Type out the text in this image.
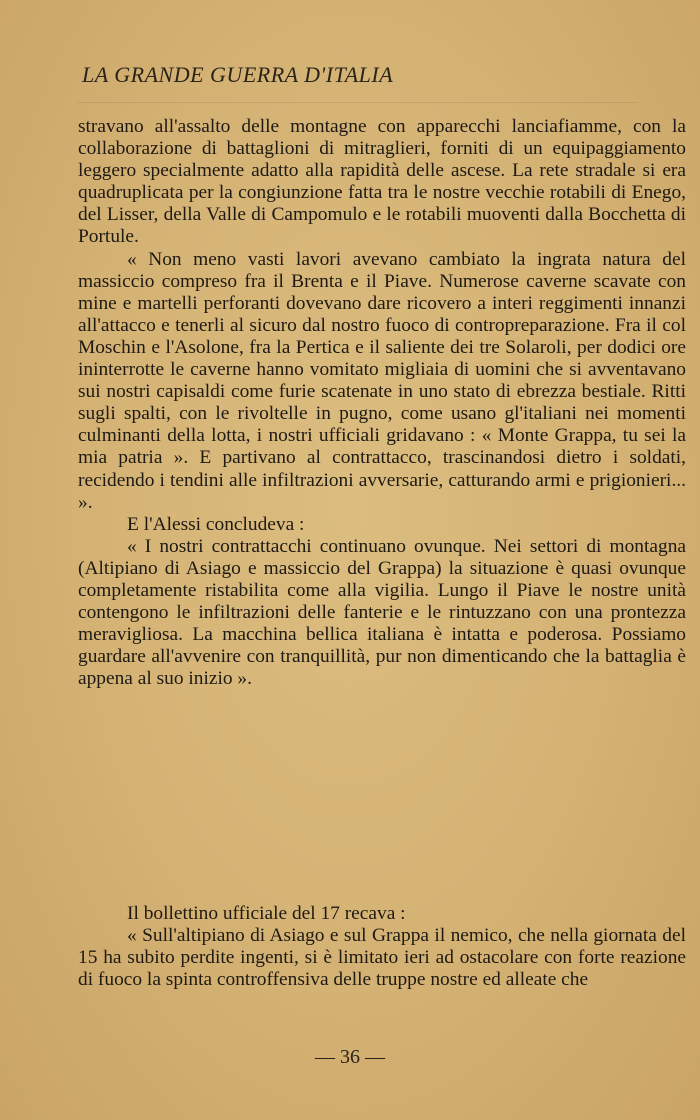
LA GRANDE GUERRA D'ITALIA

stravano all'assalto delle montagne con apparecchi lanciafiamme, con la collaborazione di battaglioni di mitraglieri, forniti di un equipaggiamento leggero specialmente adatto alla rapidità delle ascese. La rete stradale si era quadruplicata per la congiunzione fatta tra le nostre vecchie rotabili di Enego, del Lisser, della Valle di Campomulo e le rotabili muoventi dalla Bocchetta di Portule.

« Non meno vasti lavori avevano cambiato la ingrata natura del massiccio compreso fra il Brenta e il Piave. Numerose caverne scavate con mine e martelli perforanti dovevano dare ricovero a interi reggimenti innanzi all'attacco e tenerli al sicuro dal nostro fuoco di contropreparazione. Fra il col Moschin e l'Asolone, fra la Pertica e il saliente dei tre Solaroli, per dodici ore ininterrotte le caverne hanno vomitato migliaia di uomini che si avventavano sui nostri capisaldi come furie scatenate in uno stato di ebrezza bestiale. Ritti sugli spalti, con le rivoltelle in pugno, come usano gl'italiani nei momenti culminanti della lotta, i nostri ufficiali gridavano : « Monte Grappa, tu sei la mia patria ». E partivano al contrattacco, trascinandosi dietro i soldati, recidendo i tendini alle infiltrazioni avversarie, catturando armi e prigionieri... ».

E l'Alessi concludeva :

« I nostri contrattacchi continuano ovunque. Nei settori di montagna (Altipiano di Asiago e massiccio del Grappa) la situazione è quasi ovunque completamente ristabilita come alla vigilia. Lungo il Piave le nostre unità contengono le infiltrazioni delle fanterie e le rintuzzano con una prontezza meravigliosa. La macchina bellica italiana è intatta e poderosa. Possiamo guardare all'avvenire con tranquillità, pur non dimenticando che la battaglia è appena al suo inizio ».

Il bollettino ufficiale del 17 recava :

« Sull'altipiano di Asiago e sul Grappa il nemico, che nella giornata del 15 ha subito perdite ingenti, si è limitato ieri ad ostacolare con forte reazione di fuoco la spinta controffensiva delle truppe nostre ed alleate che

— 36 —
